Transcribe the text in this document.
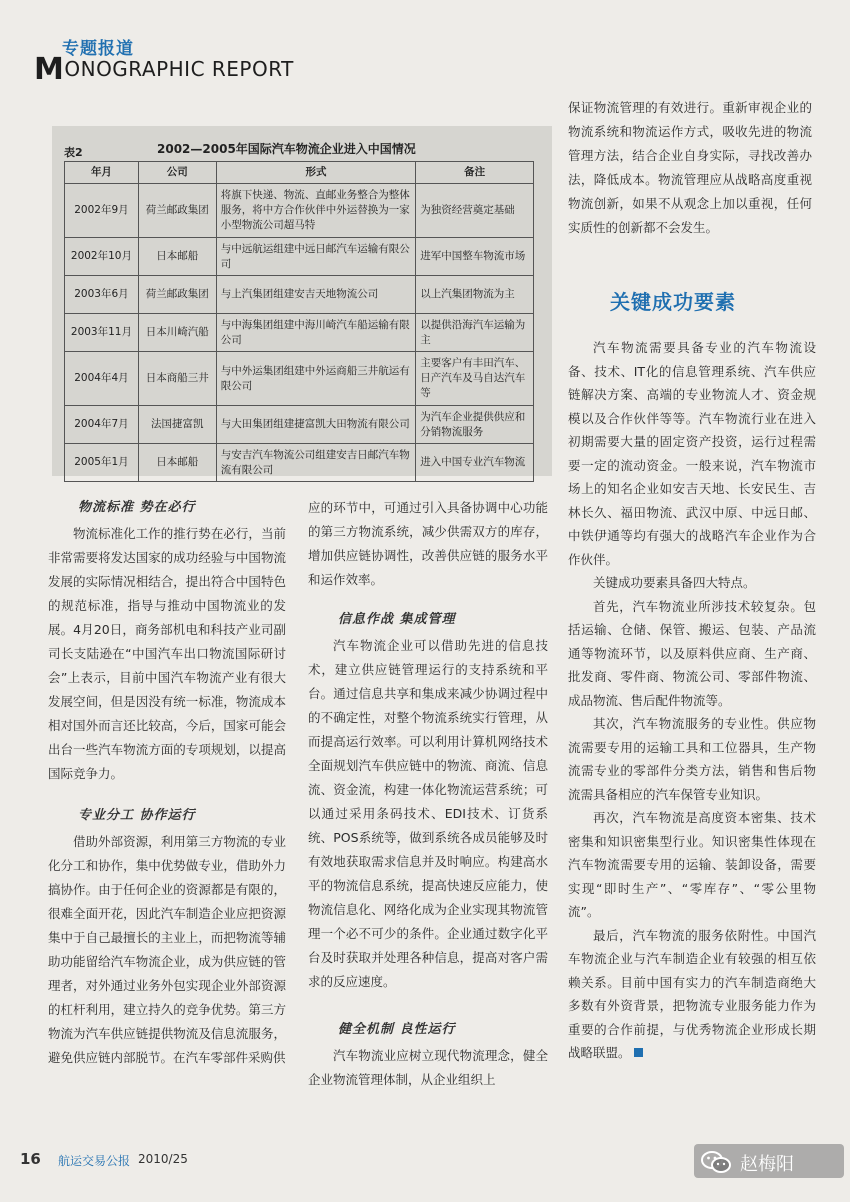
专题报道
MONOGRAPHIC REPORT
表2	2002—2005年国际汽车物流企业进入中国情况
年月	公司	形式	备注
2002年9月	荷兰邮政集团	将旗下快递、物流、直邮业务整合为整体服务，将中方合作伙伴中外运替换为一家小型物流公司超马特	为独资经营奠定基础
2002年10月	日本邮船	与中远航运组建中远日邮汽车运输有限公司	进军中国整车物流市场
2003年6月	荷兰邮政集团	与上汽集团组建安吉天地物流公司	以上汽集团物流为主
2003年11月	日本川崎汽船	与中海集团组建中海川崎汽车船运输有限公司	以提供沿海汽车运输为主
2004年4月	日本商船三井	与中外运集团组建中外运商船三井航运有限公司	主要客户有丰田汽车、日产汽车及马自达汽车等
2004年7月	法国捷富凯	与大田集团组建捷富凯大田物流有限公司	为汽车企业提供供应和分销物流服务
2005年1月	日本邮船	与安吉汽车物流公司组建安吉日邮汽车物流有限公司	进入中国专业汽车物流
物流标准 势在必行

物流标准化工作的推行势在必行，当前非常需要将发达国家的成功经验与中国物流发展的实际情况相结合，提出符合中国特色的规范标准，指导与推动中国物流业的发展。4月20日，商务部机电和科技产业司副司长支陆逊在“中国汽车出口物流国际研讨会”上表示，目前中国汽车物流产业有很大发展空间，但是因没有统一标准，物流成本相对国外而言还比较高，今后，国家可能会出台一些汽车物流方面的专项规划，以提高国际竞争力。

专业分工 协作运行

借助外部资源，利用第三方物流的专业化分工和协作，集中优势做专业，借助外力搞协作。由于任何企业的资源都是有限的，很难全面开花，因此汽车制造企业应把资源集中于自己最擅长的主业上，而把物流等辅助功能留给汽车物流企业，成为供应链的管理者，对外通过业务外包实现企业外部资源的杠杆利用，建立持久的竞争优势。第三方物流为汽车供应链提供物流及信息流服务，避免供应链内部脱节。在汽车零部件采购供

应的环节中，可通过引入具备协调中心功能的第三方物流系统，减少供需双方的库存，增加供应链协调性，改善供应链的服务水平和运作效率。

信息作战 集成管理

汽车物流企业可以借助先进的信息技术，建立供应链管理运行的支持系统和平台。通过信息共享和集成来减少协调过程中的不确定性，对整个物流系统实行管理，从而提高运行效率。可以利用计算机网络技术全面规划汽车供应链中的物流、商流、信息流、资金流，构建一体化物流运营系统；可以通过采用条码技术、EDI技术、订货系统、POS系统等，做到系统各成员能够及时有效地获取需求信息并及时响应。构建高水平的物流信息系统，提高快速反应能力，使物流信息化、网络化成为企业实现其物流管理一个必不可少的条件。企业通过数字化平台及时获取并处理各种信息，提高对客户需求的反应速度。

健全机制 良性运行

汽车物流业应树立现代物流理念，健全企业物流管理体制，从企业组织上

保证物流管理的有效进行。重新审视企业的物流系统和物流运作方式，吸收先进的物流管理方法，结合企业自身实际，寻找改善办法，降低成本。物流管理应从战略高度重视物流创新，如果不从观念上加以重视，任何实质性的创新都不会发生。

关键成功要素

汽车物流需要具备专业的汽车物流设备、技术、IT化的信息管理系统、汽车供应链解决方案、高端的专业物流人才、资金规模以及合作伙伴等等。汽车物流行业在进入初期需要大量的固定资产投资，运行过程需要一定的流动资金。一般来说，汽车物流市场上的知名企业如安吉天地、长安民生、吉林长久、福田物流、武汉中原、中远日邮、中铁伊通等均有强大的战略汽车企业作为合作伙伴。

关键成功要素具备四大特点。

首先，汽车物流业所涉技术较复杂。包括运输、仓储、保管、搬运、包装、产品流通等物流环节，以及原料供应商、生产商、批发商、零件商、物流公司、零部件物流、成品物流、售后配件物流等。

其次，汽车物流服务的专业性。供应物流需要专用的运输工具和工位器具，生产物流需专业的零部件分类方法，销售和售后物流需具备相应的汽车保管专业知识。

再次，汽车物流是高度资本密集、技术密集和知识密集型行业。知识密集性体现在汽车物流需要专用的运输、装卸设备，需要实现“即时生产”、“零库存”、“零公里物流”。

最后，汽车物流的服务依附性。中国汽车物流企业与汽车制造企业有较强的相互依赖关系。目前中国有实力的汽车制造商绝大多数有外资背景，把物流专业服务能力作为重要的合作前提，与优秀物流企业形成长期战略联盟。

16 航运交易公报 2010/25	赵梅阳
